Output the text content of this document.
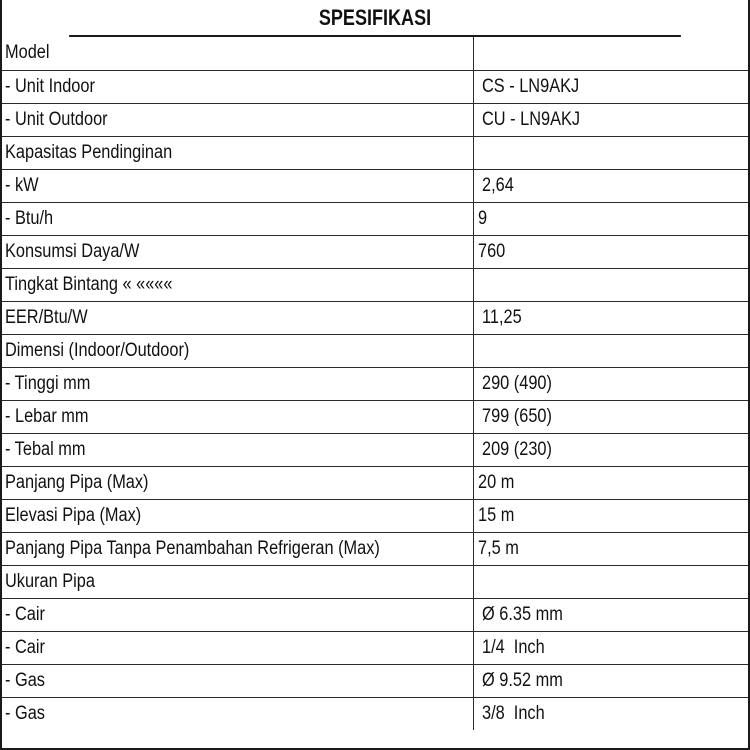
SPESIFIKASI
Model	
- Unit Indoor	CS - LN9AKJ
- Unit Outdoor	CU - LN9AKJ
Kapasitas Pendinginan	
- kW	2,64
- Btu/h	9
Konsumsi Daya/W	760
Tingkat Bintang « ««««	
EER/Btu/W	11,25
Dimensi (Indoor/Outdoor)	
- Tinggi mm	290 (490)
- Lebar mm	799 (650)
- Tebal mm	209 (230)
Panjang Pipa (Max)	20 m
Elevasi Pipa (Max)	15 m
Panjang Pipa Tanpa Penambahan Refrigeran (Max)	7,5 m
Ukuran Pipa	
- Cair	Ø 6.35 mm
- Cair	1/4  Inch
- Gas	Ø 9.52 mm
- Gas	3/8  Inch
